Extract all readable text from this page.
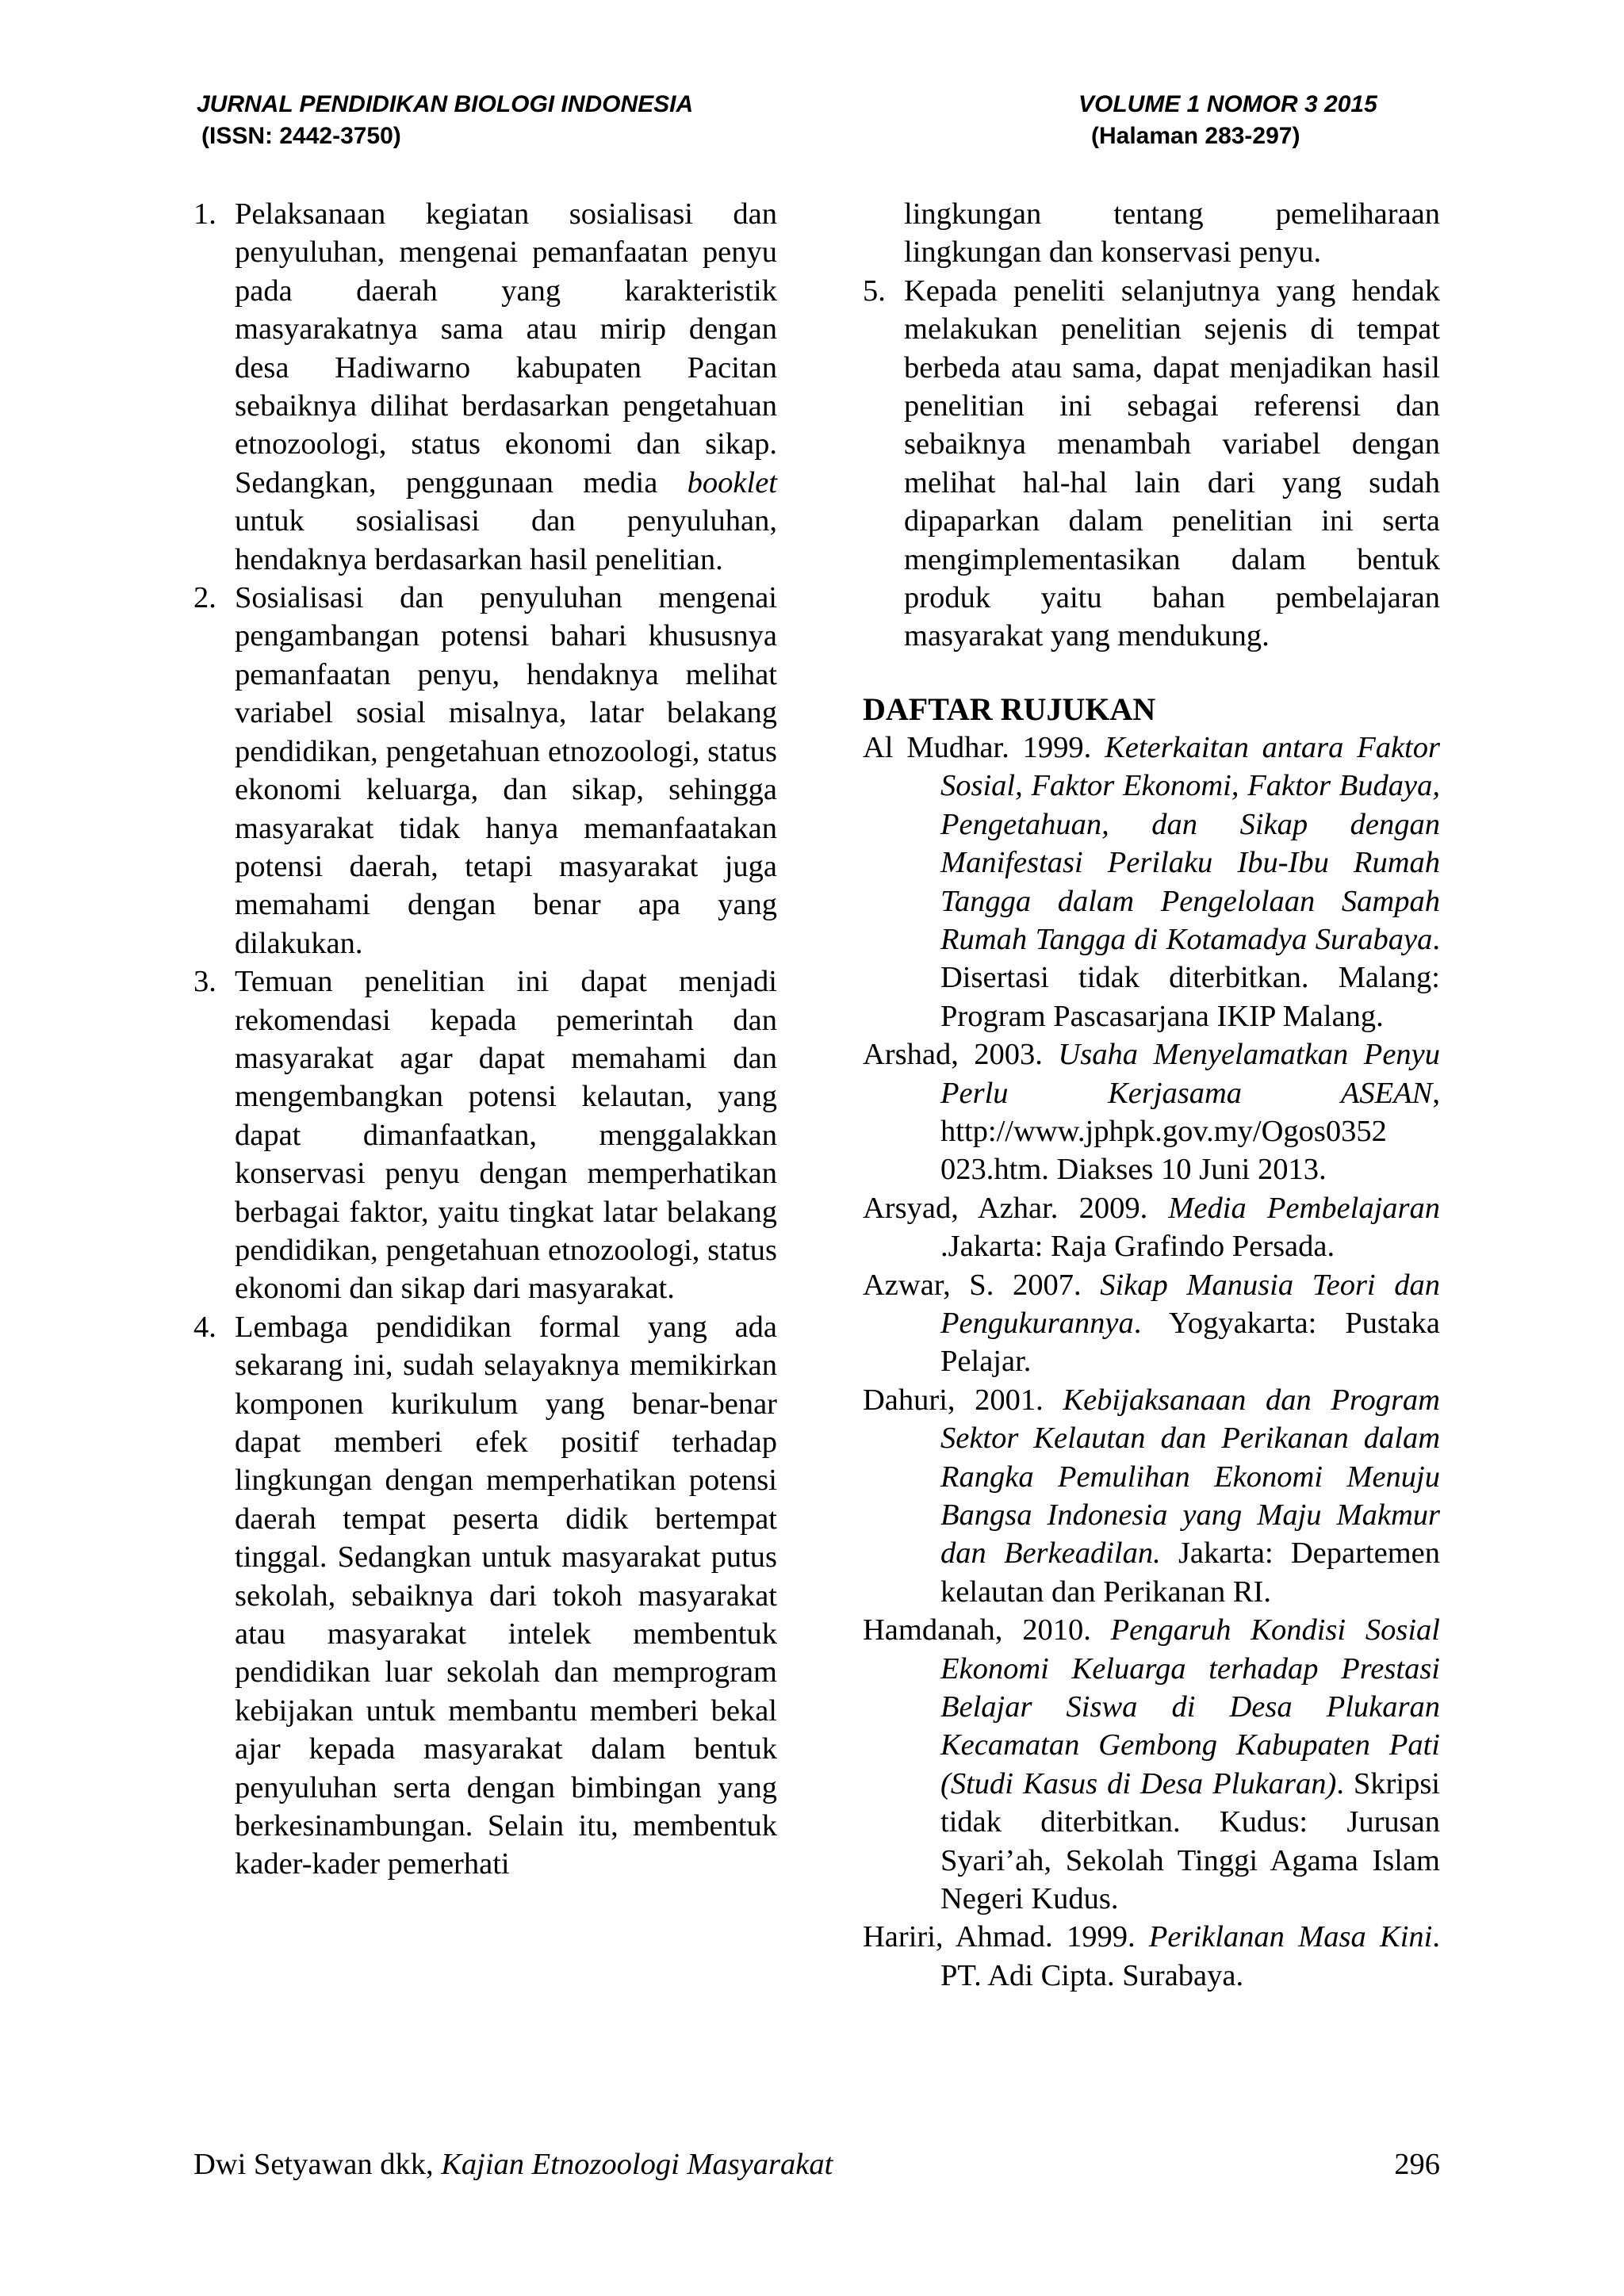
JURNAL PENDIDIKAN BIOLOGI INDONESIA
(ISSN: 2442-3750)
VOLUME 1 NOMOR 3 2015
(Halaman 283-297)
1. Pelaksanaan kegiatan sosialisasi dan penyuluhan, mengenai pemanfaatan penyu pada daerah yang karakteristik masyarakatnya sama atau mirip dengan desa Hadiwarno kabupaten Pacitan sebaiknya dilihat berdasarkan pengetahuan etnozoologi, status ekonomi dan sikap. Sedangkan, penggunaan media booklet untuk sosialisasi dan penyuluhan, hendaknya berdasarkan hasil penelitian.
2. Sosialisasi dan penyuluhan mengenai pengambangan potensi bahari khususnya pemanfaatan penyu, hendaknya melihat variabel sosial misalnya, latar belakang pendidikan, pengetahuan etnozoologi, status ekonomi keluarga, dan sikap, sehingga masyarakat tidak hanya memanfaatakan potensi daerah, tetapi masyarakat juga memahami dengan benar apa yang dilakukan.
3. Temuan penelitian ini dapat menjadi rekomendasi kepada pemerintah dan masyarakat agar dapat memahami dan mengembangkan potensi kelautan, yang dapat dimanfaatkan, menggalakkan konservasi penyu dengan memperhatikan berbagai faktor, yaitu tingkat latar belakang pendidikan, pengetahuan etnozoologi, status ekonomi dan sikap dari masyarakat.
4. Lembaga pendidikan formal yang ada sekarang ini, sudah selayaknya memikirkan komponen kurikulum yang benar-benar dapat memberi efek positif terhadap lingkungan dengan memperhatikan potensi daerah tempat peserta didik bertempat tinggal. Sedangkan untuk masyarakat putus sekolah, sebaiknya dari tokoh masyarakat atau masyarakat intelek membentuk pendidikan luar sekolah dan memprogram kebijakan untuk membantu memberi bekal ajar kepada masyarakat dalam bentuk penyuluhan serta dengan bimbingan yang berkesinambungan. Selain itu, membentuk kader-kader pemerhati
lingkungan tentang pemeliharaan lingkungan dan konservasi penyu.
5. Kepada peneliti selanjutnya yang hendak melakukan penelitian sejenis di tempat berbeda atau sama, dapat menjadikan hasil penelitian ini sebagai referensi dan sebaiknya menambah variabel dengan melihat hal-hal lain dari yang sudah dipaparkan dalam penelitian ini serta mengimplementasikan dalam bentuk produk yaitu bahan pembelajaran masyarakat yang mendukung.
DAFTAR RUJUKAN
Al Mudhar. 1999. Keterkaitan antara Faktor Sosial, Faktor Ekonomi, Faktor Budaya, Pengetahuan, dan Sikap dengan Manifestasi Perilaku Ibu-Ibu Rumah Tangga dalam Pengelolaan Sampah Rumah Tangga di Kotamadya Surabaya. Disertasi tidak diterbitkan. Malang: Program Pascasarjana IKIP Malang.
Arshad, 2003. Usaha Menyelamatkan Penyu Perlu Kerjasama ASEAN, http://www.jphpk.gov.my/Ogos0352 023.htm. Diakses 10 Juni 2013.
Arsyad, Azhar. 2009. Media Pembelajaran .Jakarta: Raja Grafindo Persada.
Azwar, S. 2007. Sikap Manusia Teori dan Pengukurannya. Yogyakarta: Pustaka Pelajar.
Dahuri, 2001. Kebijaksanaan dan Program Sektor Kelautan dan Perikanan dalam Rangka Pemulihan Ekonomi Menuju Bangsa Indonesia yang Maju Makmur dan Berkeadilan. Jakarta: Departemen kelautan dan Perikanan RI.
Hamdanah, 2010. Pengaruh Kondisi Sosial Ekonomi Keluarga terhadap Prestasi Belajar Siswa di Desa Plukaran Kecamatan Gembong Kabupaten Pati (Studi Kasus di Desa Plukaran). Skripsi tidak diterbitkan. Kudus: Jurusan Syari’ah, Sekolah Tinggi Agama Islam Negeri Kudus.
Hariri, Ahmad. 1999. Periklanan Masa Kini. PT. Adi Cipta. Surabaya.
Dwi Setyawan dkk, Kajian Etnozoologi Masyarakat	296
